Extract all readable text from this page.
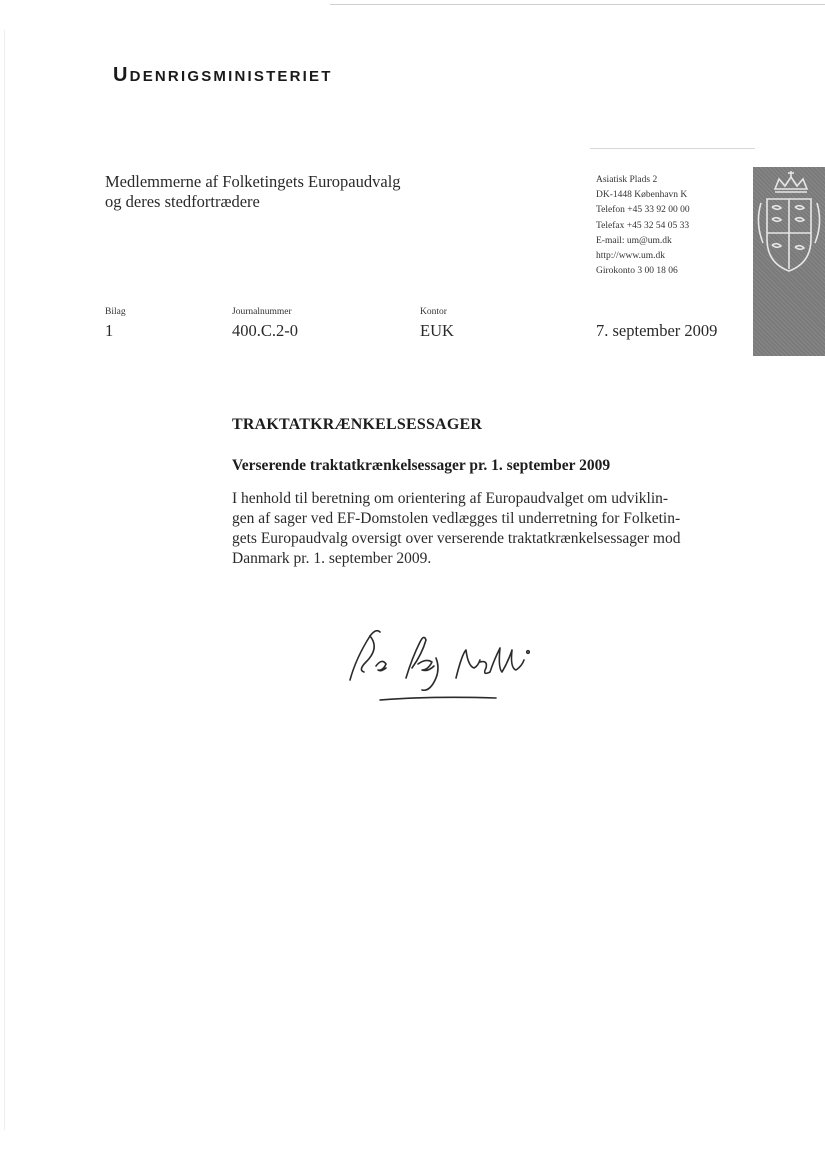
UDENRIGSMINISTERIET
Medlemmerne af Folketingets Europaudvalg
og deres stedfortrædere
Asiatisk Plads 2
DK-1448 København K
Telefon +45 33 92 00 00
Telefax +45 32 54 05 33
E-mail: um@um.dk
http://www.um.dk
Girokonto 3 00 18 06
Bilag
1
Journalnummer
400.C.2-0
Kontor
EUK	7. september 2009
TRAKTATKRÆNKELSESSAGER
Verserende traktatkrænkelsessager pr. 1. september 2009
I henhold til beretning om orientering af Europaudvalget om udviklin-
gen af sager ved EF-Domstolen vedlægges til underretning for Folketin-
gets Europaudvalg oversigt over verserende traktatkrænkelsessager mod
Danmark pr. 1. september 2009.
